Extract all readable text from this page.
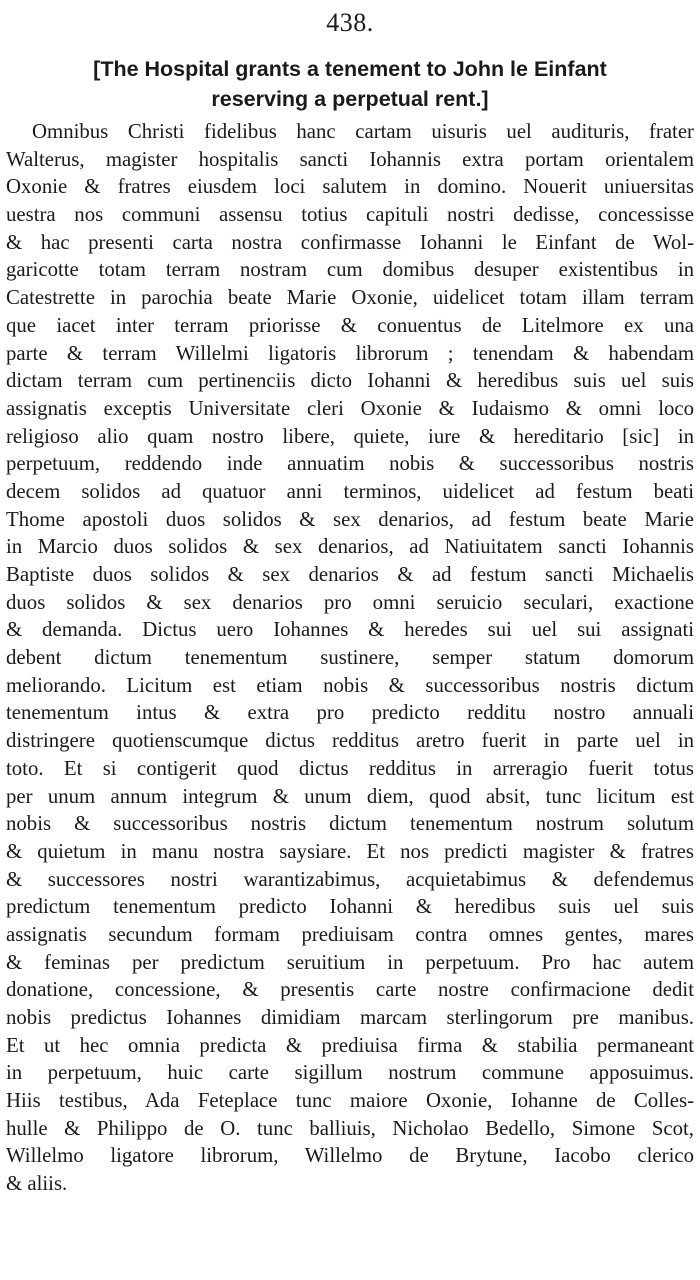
438.
[The Hospital grants a tenement to John le Einfant
reserving a perpetual rent.]
Omnibus Christi fidelibus hanc cartam uisuris uel audituris, frater
Walterus, magister hospitalis sancti Iohannis extra portam orientalem
Oxonie & fratres eiusdem loci salutem in domino. Nouerit uniuersitas
uestra nos communi assensu totius capituli nostri dedisse, concessisse
& hac presenti carta nostra confirmasse Iohanni le Einfant de Wol-
garicotte totam terram nostram cum domibus desuper existentibus in
Catestrette in parochia beate Marie Oxonie, uidelicet totam illam terram
que iacet inter terram priorisse & conuentus de Litelmore ex una
parte & terram Willelmi ligatoris librorum ; tenendam & habendam
dictam terram cum pertinenciis dicto Iohanni & heredibus suis uel suis
assignatis exceptis Universitate cleri Oxonie & Iudaismo & omni loco
religioso alio quam nostro libere, quiete, iure & hereditario [sic] in
perpetuum, reddendo inde annuatim nobis & successoribus nostris
decem solidos ad quatuor anni terminos, uidelicet ad festum beati
Thome apostoli duos solidos & sex denarios, ad festum beate Marie
in Marcio duos solidos & sex denarios, ad Natiuitatem sancti Iohannis
Baptiste duos solidos & sex denarios & ad festum sancti Michaelis
duos solidos & sex denarios pro omni seruicio seculari, exactione
& demanda. Dictus uero Iohannes & heredes sui uel sui assignati
debent dictum tenementum sustinere, semper statum domorum
meliorando. Licitum est etiam nobis & successoribus nostris dictum
tenementum intus & extra pro predicto redditu nostro annuali
distringere quotienscumque dictus redditus aretro fuerit in parte uel in
toto. Et si contigerit quod dictus redditus in arreragio fuerit totus
per unum annum integrum & unum diem, quod absit, tunc licitum est
nobis & successoribus nostris dictum tenementum nostrum solutum
& quietum in manu nostra saysiare. Et nos predicti magister & fratres
& successores nostri warantizabimus, acquietabimus & defendemus
predictum tenementum predicto Iohanni & heredibus suis uel suis
assignatis secundum formam prediuisam contra omnes gentes, mares
& feminas per predictum seruitium in perpetuum. Pro hac autem
donatione, concessione, & presentis carte nostre confirmacione dedit
nobis predictus Iohannes dimidiam marcam sterlingorum pre manibus.
Et ut hec omnia predicta & prediuisa firma & stabilia permaneant
in perpetuum, huic carte sigillum nostrum commune apposuimus.
Hiis testibus, Ada Feteplace tunc maiore Oxonie, Iohanne de Colles-
hulle & Philippo de O. tunc balliuis, Nicholao Bedello, Simone Scot,
Willelmo ligatore librorum, Willelmo de Brytune, Iacobo clerico
& aliis.
